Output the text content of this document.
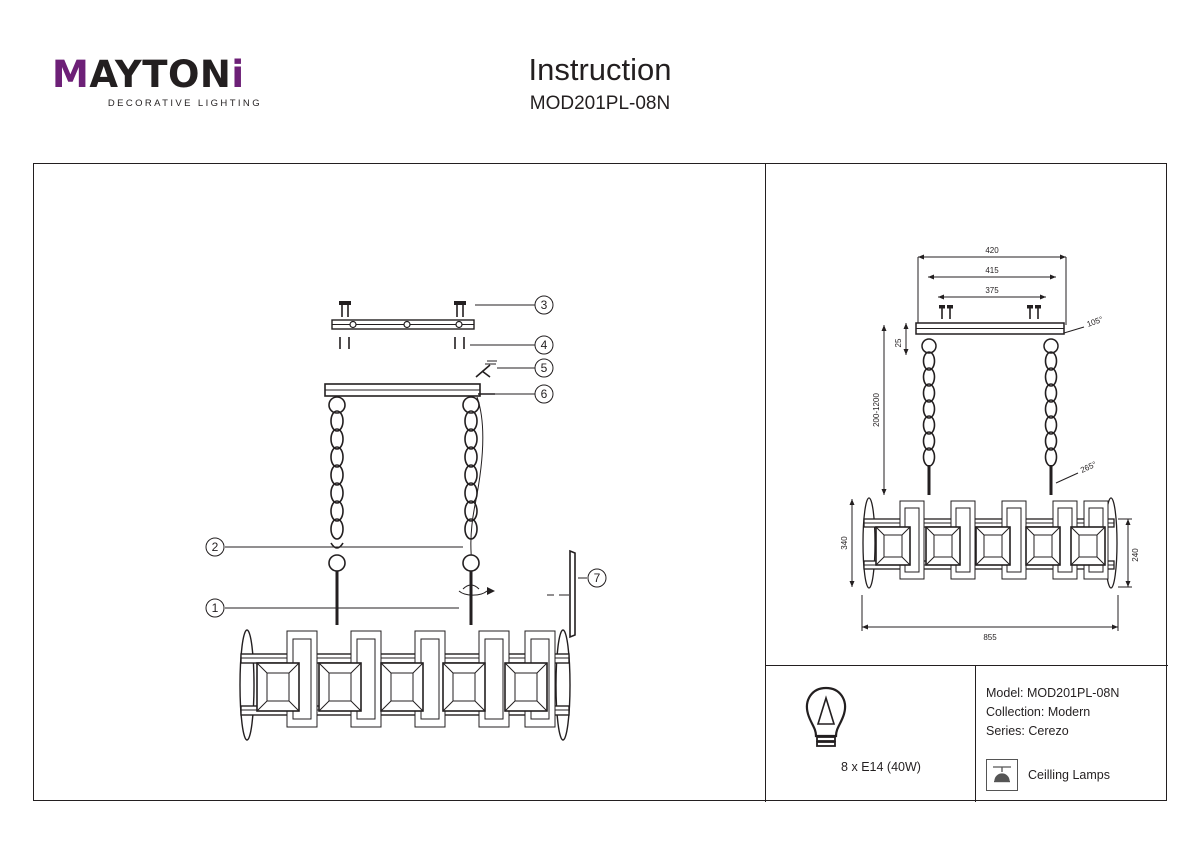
MAYTONi
DECORATIVE LIGHTING
Instruction
MOD201PL-08N
3
4
5
6
2
1
7
420
415
375
105°
25
200-1200
265°
340
240
855
8 x E14 (40W)
Model: MOD201PL-08N
Collection: Modern
Series: Cerezo
Ceilling Lamps
